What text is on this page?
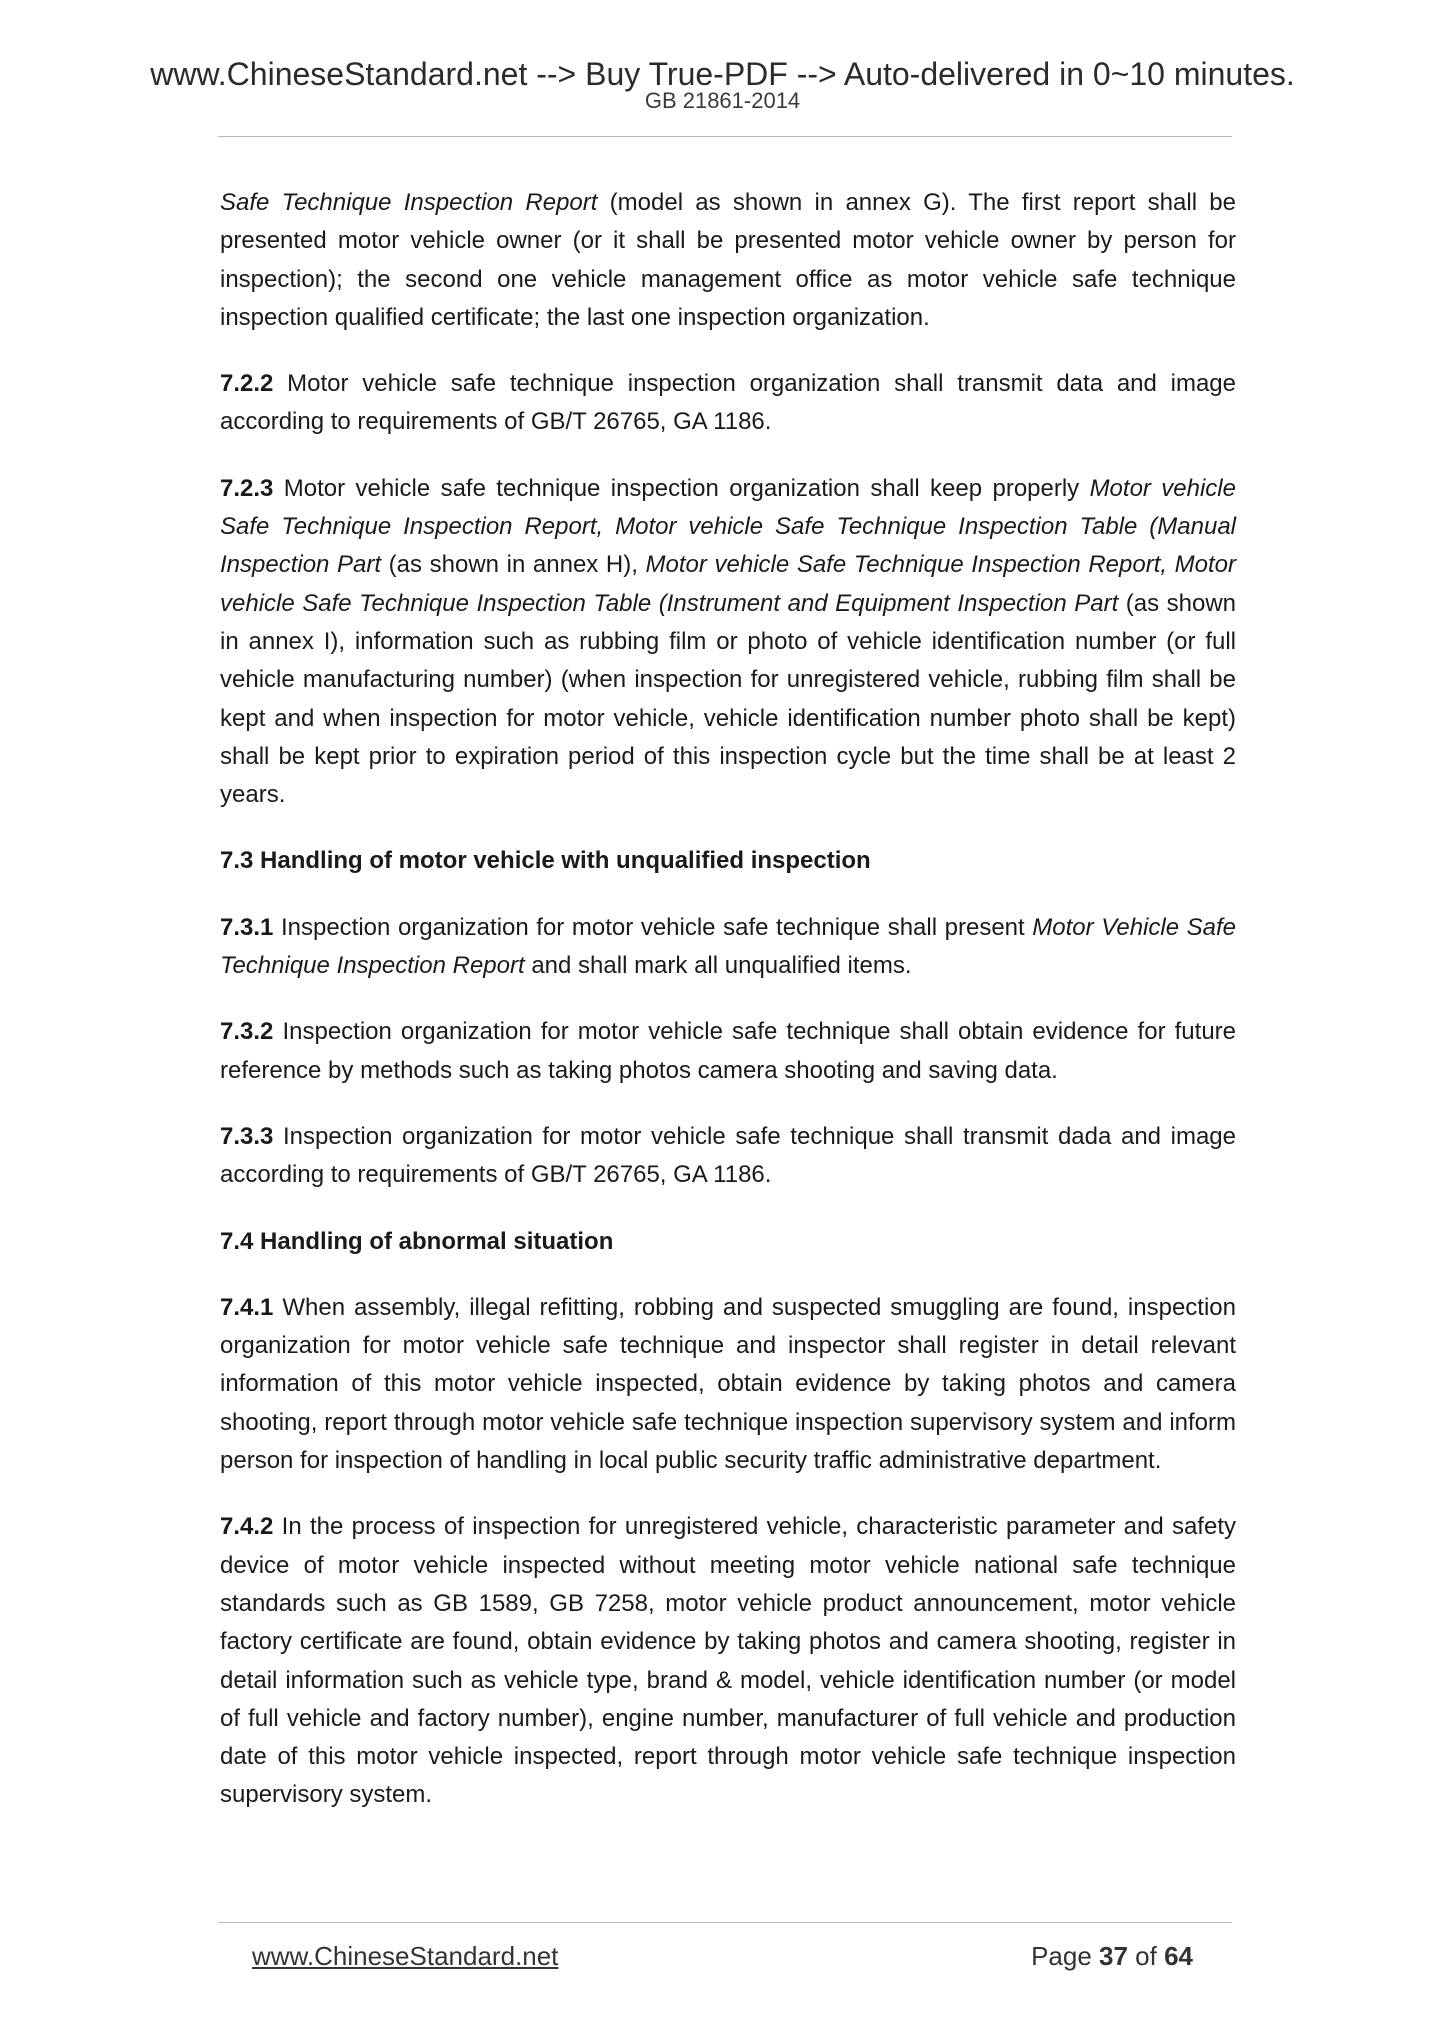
www.ChineseStandard.net --> Buy True-PDF --> Auto-delivered in 0~10 minutes.
GB 21861-2014

Safe Technique Inspection Report (model as shown in annex G). The first report shall be presented motor vehicle owner (or it shall be presented motor vehicle owner by person for inspection); the second one vehicle management office as motor vehicle safe technique inspection qualified certificate; the last one inspection organization.

7.2.2 Motor vehicle safe technique inspection organization shall transmit data and image according to requirements of GB/T 26765, GA 1186.

7.2.3 Motor vehicle safe technique inspection organization shall keep properly Motor vehicle Safe Technique Inspection Report, Motor vehicle Safe Technique Inspection Table (Manual Inspection Part (as shown in annex H), Motor vehicle Safe Technique Inspection Report, Motor vehicle Safe Technique Inspection Table (Instrument and Equipment Inspection Part (as shown in annex I), information such as rubbing film or photo of vehicle identification number (or full vehicle manufacturing number) (when inspection for unregistered vehicle, rubbing film shall be kept and when inspection for motor vehicle, vehicle identification number photo shall be kept) shall be kept prior to expiration period of this inspection cycle but the time shall be at least 2 years.

7.3 Handling of motor vehicle with unqualified inspection

7.3.1 Inspection organization for motor vehicle safe technique shall present Motor Vehicle Safe Technique Inspection Report and shall mark all unqualified items.

7.3.2 Inspection organization for motor vehicle safe technique shall obtain evidence for future reference by methods such as taking photos camera shooting and saving data.

7.3.3 Inspection organization for motor vehicle safe technique shall transmit dada and image according to requirements of GB/T 26765, GA 1186.

7.4 Handling of abnormal situation

7.4.1 When assembly, illegal refitting, robbing and suspected smuggling are found, inspection organization for motor vehicle safe technique and inspector shall register in detail relevant information of this motor vehicle inspected, obtain evidence by taking photos and camera shooting, report through motor vehicle safe technique inspection supervisory system and inform person for inspection of handling in local public security traffic administrative department.

7.4.2 In the process of inspection for unregistered vehicle, characteristic parameter and safety device of motor vehicle inspected without meeting motor vehicle national safe technique standards such as GB 1589, GB 7258, motor vehicle product announcement, motor vehicle factory certificate are found, obtain evidence by taking photos and camera shooting, register in detail information such as vehicle type, brand & model, vehicle identification number (or model of full vehicle and factory number), engine number, manufacturer of full vehicle and production date of this motor vehicle inspected, report through motor vehicle safe technique inspection supervisory system.

www.ChineseStandard.net	Page 37 of 64
